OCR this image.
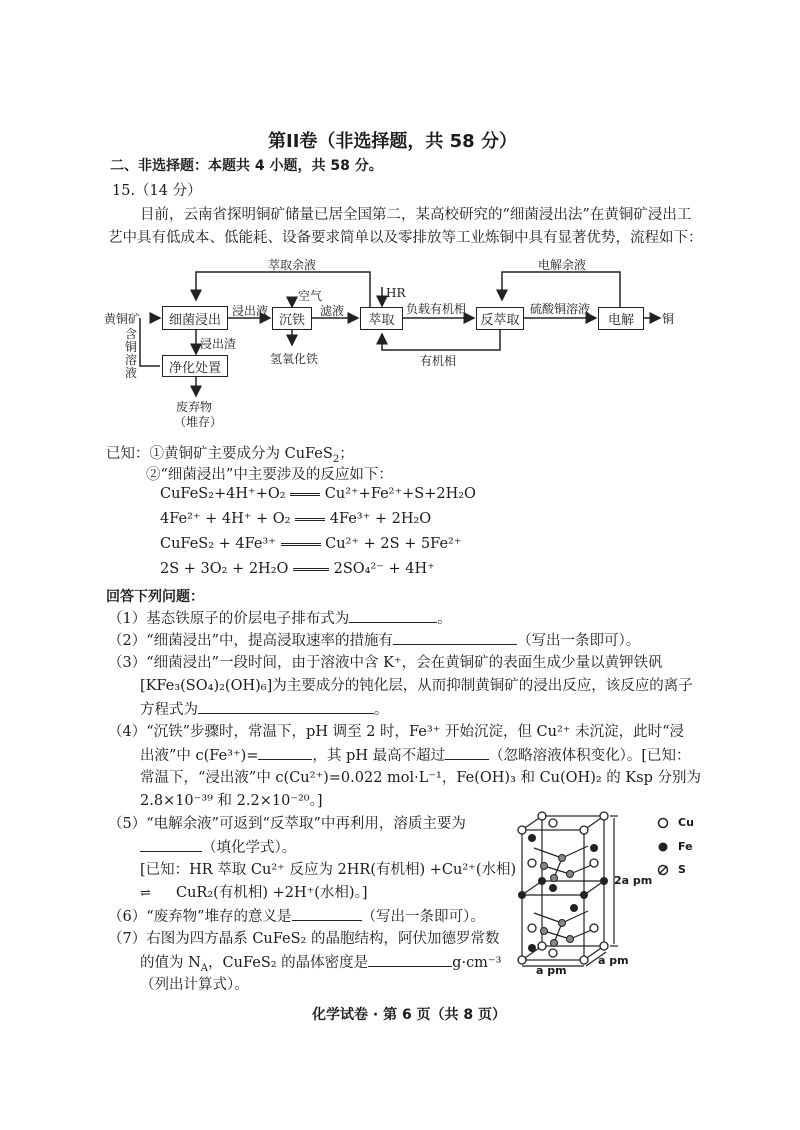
第II卷（非选择题，共 58 分）
二、非选择题：本题共 4 小题，共 58 分。
15.（14 分）
目前，云南省探明铜矿储量已居全国第二，某高校研究的“细菌浸出法”在黄铜矿浸出工
艺中具有低成本、低能耗、设备要求简单以及零排放等工业炼铜中具有显著优势，流程如下：
细菌浸出
净化处置
沉铁	萃取	反萃取	电解
黄铜矿
含铜溶液
浸出液
浸出渣
废弃物
（堆存）
空气
滤液
氢氧化铁
HR
负载有机相
有机相
萃取余液
硫酸铜溶液
电解余液
铜
已知：①黄铜矿主要成分为 CuFeS$_2$；
②“细菌浸出”中主要涉及的反应如下：
CuFeS₂+4H⁺+O₂	Cu²⁺+Fe²⁺+S+2H₂O
4Fe²⁺ + 4H⁺ + O₂	4Fe³⁺ + 2H₂O
CuFeS₂ + 4Fe³⁺	Cu²⁺ + 2S + 5Fe²⁺
2S + 3O₂ + 2H₂O	2SO₄²⁻ + 4H⁺
回答下列问题：
（1）基态铁原子的价层电子排布式为	。
（2）“细菌浸出”中，提高浸取速率的措施有	（写出一条即可）。
（3）“细菌浸出”一段时间，由于溶液中含 K⁺，会在黄铜矿的表面生成少量以黄钾铁矾
[KFe₃(SO₄)₂(OH)₆]为主要成分的钝化层，从而抑制黄铜矿的浸出反应，该反应的离子
方程式为	。
（4）“沉铁”步骤时，常温下，pH 调至 2 时，Fe³⁺ 开始沉淀，但 Cu²⁺ 未沉淀，此时“浸
出液”中 c(Fe³⁺)=	，其 pH 最高不超过	（忽略溶液体积变化）。[已知：
常温下，“浸出液”中 c(Cu²⁺)=0.022 mol·L⁻¹，Fe(OH)₃ 和 Cu(OH)₂ 的 Ksp 分别为
2.8×10⁻³⁹ 和 2.2×10⁻²⁰。]
（5）“电解余液”可返到“反萃取”中再利用，溶质主要为
（填化学式）。
[已知：HR 萃取 Cu²⁺ 反应为 2HR(有机相) +Cu²⁺(水相)
⇌ CuR₂(有机相) +2H⁺(水相)。]
（6）“废弃物”堆存的意义是	（写出一条即可）。
（7）右图为四方晶系 CuFeS₂ 的晶胞结构，阿伏加德罗常数
的值为 $N_A$，CuFeS₂ 的晶体密度是	g·cm⁻³
（列出计算式）。
2a pm
a pm
a pm
Cu
Fe
S
化学试卷 · 第 6 页（共 8 页）
